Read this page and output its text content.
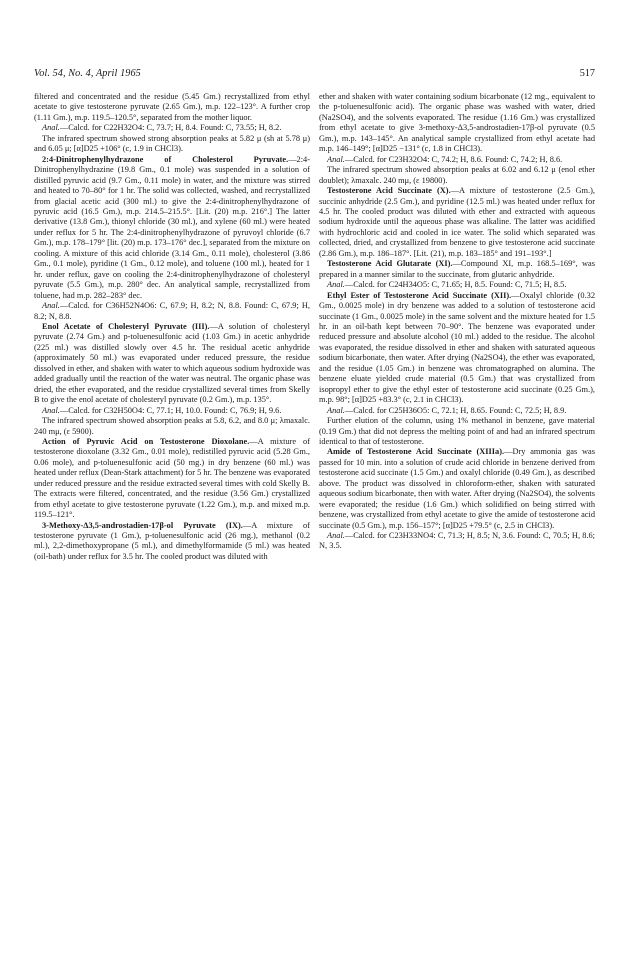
Vol. 54, No. 4, April 1965	517

filtered and concentrated and the residue (5.45 Gm.) recrystallized from ethyl acetate to give testosterone pyruvate (2.65 Gm.), m.p. 122–123°. A further crop (1.11 Gm.), m.p. 119.5–120.5°, separated from the mother liquor.

Anal.—Calcd. for C22H32O4: C, 73.7; H, 8.4. Found: C, 73.55; H, 8.2.

The infrared spectrum showed strong absorption peaks at 5.82 μ (sh at 5.78 μ) and 6.05 μ; [α]D25 +106° (c, 1.9 in CHCl3).

2:4-Dinitrophenylhydrazone of Cholesterol Pyruvate.—2:4-Dinitrophenylhydrazine (19.8 Gm., 0.1 mole) was suspended in a solution of distilled pyruvic acid (9.7 Gm., 0.11 mole) in water, and the mixture was stirred and heated to 70–80° for 1 hr. The solid was collected, washed, and recrystallized from glacial acetic acid (300 ml.) to give the 2:4-dinitrophenylhydrazone of pyruvic acid (16.5 Gm.), m.p. 214.5–215.5°. [Lit. (20) m.p. 216°.] The latter derivative (13.8 Gm.), thionyl chloride (30 ml.), and xylene (60 ml.) were heated under reflux for 5 hr. The 2:4-dinitrophenylhydrazone of pyruvoyl chloride (6.7 Gm.), m.p. 178–179° [lit. (20) m.p. 173–176° dec.], separated from the mixture on cooling. A mixture of this acid chloride (3.14 Gm., 0.11 mole), cholesterol (3.86 Gm., 0.1 mole), pyridine (1 Gm., 0.12 mole), and toluene (100 ml.), heated for 1 hr. under reflux, gave on cooling the 2:4-dinitrophenylhydrazone of cholesteryl pyruvate (5.5 Gm.), m.p. 280° dec. An analytical sample, recrystallized from toluene, had m.p. 282–283° dec.

Anal.—Calcd. for C36H52N4O6: C, 67.9; H, 8.2; N, 8.8. Found: C, 67.9; H, 8.2; N, 8.8.

Enol Acetate of Cholesteryl Pyruvate (III).—A solution of cholesteryl pyruvate (2.74 Gm.) and p-toluenesulfonic acid (1.03 Gm.) in acetic anhydride (225 ml.) was distilled slowly over 4.5 hr. The residual acetic anhydride (approximately 50 ml.) was evaporated under reduced pressure, the residue dissolved in ether, and shaken with water to which aqueous sodium hydroxide was added gradually until the reaction of the water was neutral. The organic phase was dried, the ether evaporated, and the residue crystallized several times from Skelly B to give the enol acetate of cholesteryl pyruvate (0.2 Gm.), m.p. 135°.

Anal.—Calcd. for C32H50O4: C, 77.1; H, 10.0. Found: C, 76.9; H, 9.6.

The infrared spectrum showed absorption peaks at 5.8, 6.2, and 8.0 μ; λmaxalc. 240 mμ, (ε 5900).

Action of Pyruvic Acid on Testosterone Dioxolane.—A mixture of testosterone dioxolane (3.32 Gm., 0.01 mole), redistilled pyruvic acid (5.28 Gm., 0.06 mole), and p-toluenesulfonic acid (50 mg.) in dry benzene (60 ml.) was heated under reflux (Dean-Stark attachment) for 5 hr. The benzene was evaporated under reduced pressure and the residue extracted several times with cold Skelly B. The extracts were filtered, concentrated, and the residue (3.56 Gm.) crystallized from ethyl acetate to give testosterone pyruvate (1.22 Gm.), m.p. and mixed m.p. 119.5–121°.

3-Methoxy-Δ3,5-androstadien-17β-ol Pyruvate (IX).—A mixture of testosterone pyruvate (1 Gm.), p-toluenesulfonic acid (26 mg.), methanol (0.2 ml.), 2,2-dimethoxypropane (5 ml.), and dimethylformamide (5 ml.) was heated (oil-bath) under reflux for 3.5 hr. The cooled product was diluted with

ether and shaken with water containing sodium bicarbonate (12 mg., equivalent to the p-toluenesulfonic acid). The organic phase was washed with water, dried (Na2SO4), and the solvents evaporated. The residue (1.16 Gm.) was crystallized from ethyl acetate to give 3-methoxy-Δ3,5-androstadien-17β-ol pyruvate (0.5 Gm.), m.p. 143–145°. An analytical sample crystallized from ethyl acetate had m.p. 146–149°; [α]D25 −131° (c, 1.8 in CHCl3).

Anal.—Calcd. for C23H32O4: C, 74.2; H, 8.6. Found: C, 74.2; H, 8.6.

The infrared spectrum showed absorption peaks at 6.02 and 6.12 μ (enol ether doublet); λmaxalc. 240 mμ, (ε 19800).

Testosterone Acid Succinate (X).—A mixture of testosterone (2.5 Gm.), succinic anhydride (2.5 Gm.), and pyridine (12.5 ml.) was heated under reflux for 4.5 hr. The cooled product was diluted with ether and extracted with aqueous sodium hydroxide until the aqueous phase was alkaline. The latter was acidified with hydrochloric acid and cooled in ice water. The solid which separated was collected, dried, and crystallized from benzene to give testosterone acid succinate (2.86 Gm.), m.p. 186–187°. [Lit. (21), m.p. 183–185° and 191–193°.]

Testosterone Acid Glutarate (XI).—Compound XI, m.p. 168.5–169°, was prepared in a manner similar to the succinate, from glutaric anhydride.

Anal.—Calcd. for C24H34O5: C, 71.65; H, 8.5. Found: C, 71.5; H, 8.5.

Ethyl Ester of Testosterone Acid Succinate (XII).—Oxalyl chloride (0.32 Gm., 0.0025 mole) in dry benzene was added to a solution of testosterone acid succinate (1 Gm., 0.0025 mole) in the same solvent and the mixture heated for 1.5 hr. in an oil-bath kept between 70–90°. The benzene was evaporated under reduced pressure and absolute alcohol (10 ml.) added to the residue. The alcohol was evaporated, the residue dissolved in ether and shaken with saturated aqueous sodium bicarbonate, then water. After drying (Na2SO4), the ether was evaporated, and the residue (1.05 Gm.) in benzene was chromatographed on alumina. The benzene eluate yielded crude material (0.5 Gm.) that was crystallized from isopropyl ether to give the ethyl ester of testosterone acid succinate (0.25 Gm.), m.p. 98°; [α]D25 +83.3° (c, 2.1 in CHCl3).

Anal.—Calcd. for C25H36O5: C, 72.1; H, 8.65. Found: C, 72.5; H, 8.9.

Further elution of the column, using 1% methanol in benzene, gave material (0.19 Gm.) that did not depress the melting point of and had an infrared spectrum identical to that of testosterone.

Amide of Testosterone Acid Succinate (XIIIa).—Dry ammonia gas was passed for 10 min. into a solution of crude acid chloride in benzene derived from testosterone acid succinate (1.5 Gm.) and oxalyl chloride (0.49 Gm.), as described above. The product was dissolved in chloroform-ether, shaken with saturated aqueous sodium bicarbonate, then with water. After drying (Na2SO4), the solvents were evaporated; the residue (1.6 Gm.) which solidified on being stirred with benzene, was crystallized from ethyl acetate to give the amide of testosterone acid succinate (0.5 Gm.), m.p. 156–157°; [α]D25 +79.5° (c, 2.5 in CHCl3).

Anal.—Calcd. for C23H33NO4: C, 71.3; H, 8.5; N, 3.6. Found: C, 70.5; H, 8.6; N, 3.5.
